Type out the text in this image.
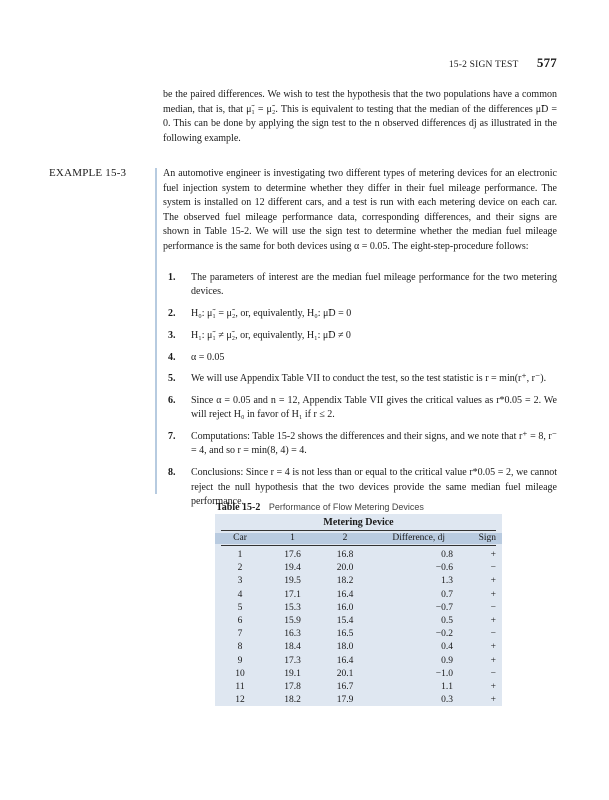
15-2 SIGN TEST 577

be the paired differences. We wish to test the hypothesis that the two populations have a common median, that is, that μ̃₁ = μ̃₂. This is equivalent to testing that the median of the differences μ̃D = 0. This can be done by applying the sign test to the n observed differences dj as illustrated in the following example.

EXAMPLE 15-3	An automotive engineer is investigating two different types of metering devices for an electronic fuel injection system to determine whether they differ in their fuel mileage performance. The system is installed on 12 different cars, and a test is run with each metering device on each car. The observed fuel mileage performance data, corresponding differences, and their signs are shown in Table 15-2. We will use the sign test to determine whether the median fuel mileage performance is the same for both devices using α = 0.05. The eight-step-procedure follows:

1. The parameters of interest are the median fuel mileage performance for the two metering devices.
2. H₀: μ̃₁ = μ̃₂, or, equivalently, H₀: μ̃D = 0
3. H₁: μ̃₁ ≠ μ̃₂, or, equivalently, H₁: μ̃D ≠ 0
4. α = 0.05
5. We will use Appendix Table VII to conduct the test, so the test statistic is r = min(r⁺, r⁻).
6. Since α = 0.05 and n = 12, Appendix Table VII gives the critical values as r*0.05 = 2. We will reject H₀ in favor of H₁ if r ≤ 2.
7. Computations: Table 15-2 shows the differences and their signs, and we note that r⁺ = 8, r⁻ = 4, and so r = min(8, 4) = 4.
8. Conclusions: Since r = 4 is not less than or equal to the critical value r*0.05 = 2, we cannot reject the null hypothesis that the two devices provide the same median fuel mileage performance.
Table 15-2 Performance of Flow Metering Devices
Metering Device
Car	1	2	Difference, dj	Sign
1	17.6	16.8	0.8	+
2	19.4	20.0	−0.6	−
3	19.5	18.2	1.3	+
4	17.1	16.4	0.7	+
5	15.3	16.0	−0.7	−
6	15.9	15.4	0.5	+
7	16.3	16.5	−0.2	−
8	18.4	18.0	0.4	+
9	17.3	16.4	0.9	+
10	19.1	20.1	−1.0	−
11	17.8	16.7	1.1	+
12	18.2	17.9	0.3	+
